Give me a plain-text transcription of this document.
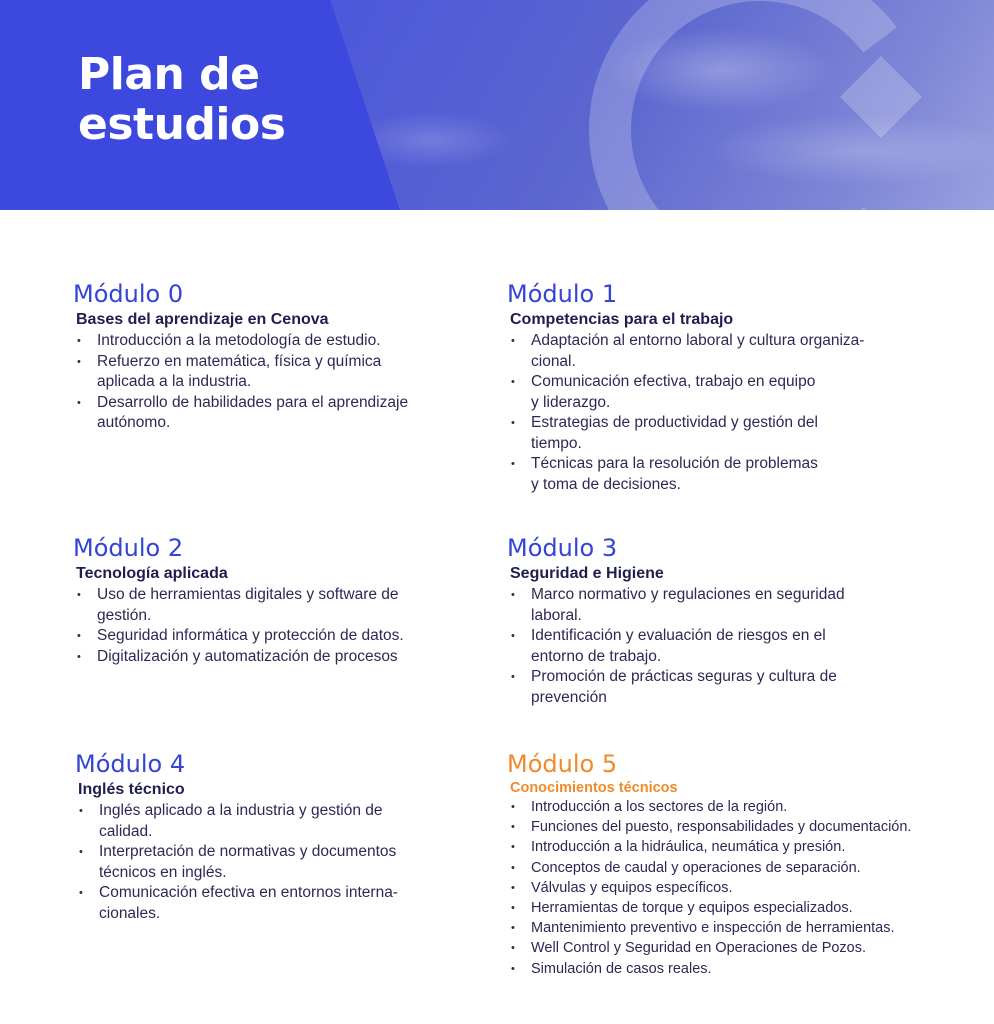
Plan de
estudios
Módulo 0
Bases del aprendizaje en Cenova
• Introducción a la metodología de estudio.
• Refuerzo en matemática, física y química
aplicada a la industria.
• Desarrollo de habilidades para el aprendizaje
autónomo.
Módulo 1
Competencias para el trabajo
• Adaptación al entorno laboral y cultura organiza-
cional.
• Comunicación efectiva, trabajo en equipo
y liderazgo.
• Estrategias de productividad y gestión del
tiempo.
• Técnicas para la resolución de problemas
y toma de decisiones.
Módulo 2
Tecnología aplicada
• Uso de herramientas digitales y software de
gestión.
• Seguridad informática y protección de datos.
• Digitalización y automatización de procesos
Módulo 3
Seguridad e Higiene
• Marco normativo y regulaciones en seguridad
laboral.
• Identificación y evaluación de riesgos en el
entorno de trabajo.
• Promoción de prácticas seguras y cultura de
prevención
Módulo 4
Inglés técnico
• Inglés aplicado a la industria y gestión de
calidad.
• Interpretación de normativas y documentos
técnicos en inglés.
• Comunicación efectiva en entornos interna-
cionales.
Módulo 5
Conocimientos técnicos
• Introducción a los sectores de la región.
• Funciones del puesto, responsabilidades y documentación.
• Introducción a la hidráulica, neumática y presión.
• Conceptos de caudal y operaciones de separación.
• Válvulas y equipos específicos.
• Herramientas de torque y equipos especializados.
• Mantenimiento preventivo e inspección de herramientas.
• Well Control y Seguridad en Operaciones de Pozos.
• Simulación de casos reales.
